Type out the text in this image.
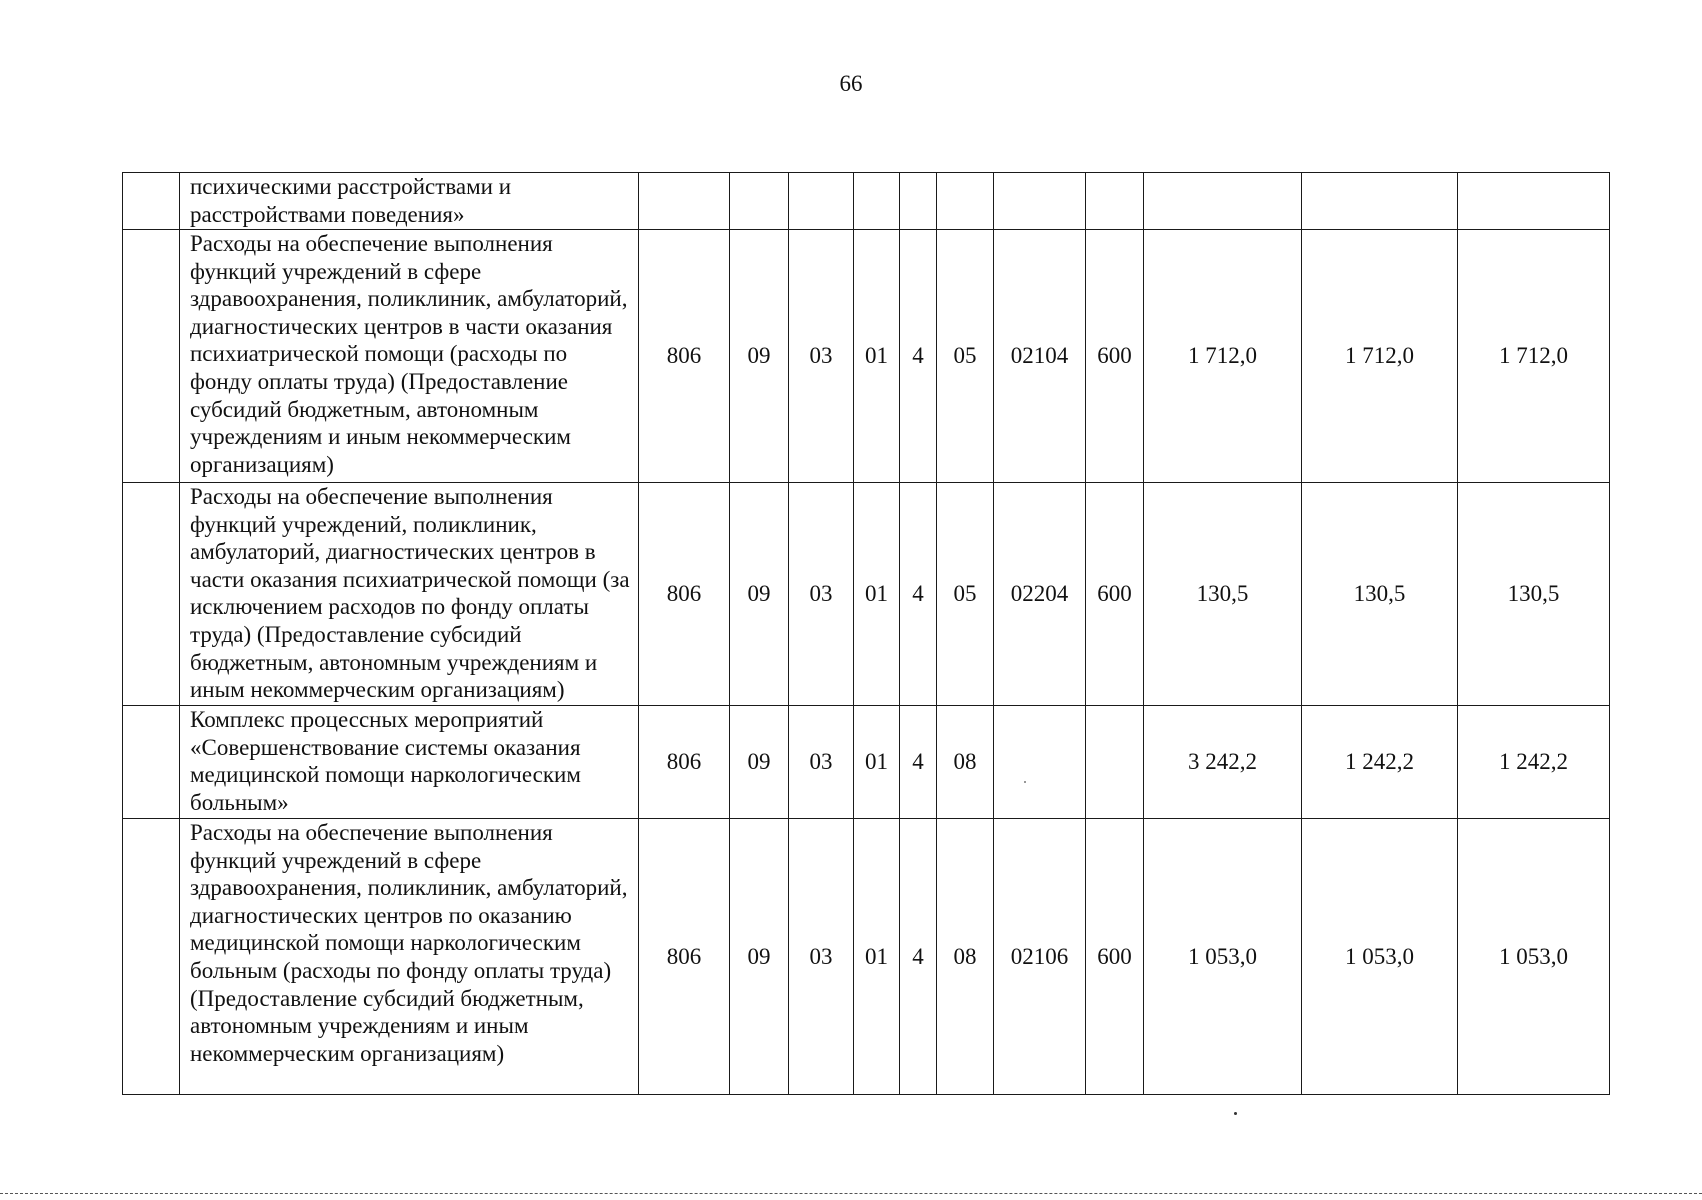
66
	психическими расстройствами и расстройствами поведения»											
	Расходы на обеспечение выполнения функций учреждений в сфере здравоохранения, поликлиник, амбулаторий, диагностических центров в части оказания психиатрической помощи (расходы по фонду оплаты труда) (Предоставление субсидий бюджетным, автономным учреждениям и иным некоммерческим организациям)	806	09	03	01	4	05	02104	600	1 712,0	1 712,0	1 712,0
	Расходы на обеспечение выполнения функций учреждений, поликлиник, амбулаторий, диагностических центров в части оказания психиатрической помощи (за исключением расходов по фонду оплаты труда) (Предоставление субсидий бюджетным, автономным учреждениям и иным некоммерческим организациям)	806	09	03	01	4	05	02204	600	130,5	130,5	130,5
	Комплекс процессных мероприятий «Совершенствование системы оказания медицинской помощи наркологическим больным»	806	09	03	01	4	08			3 242,2	1 242,2	1 242,2
	Расходы на обеспечение выполнения функций учреждений в сфере здравоохранения, поликлиник, амбулаторий, диагностических центров по оказанию медицинской помощи наркологическим больным (расходы по фонду оплаты труда) (Предоставление субсидий бюджетным, автономным учреждениям и иным некоммерческим организациям)	806	09	03	01	4	08	02106	600	1 053,0	1 053,0	1 053,0
